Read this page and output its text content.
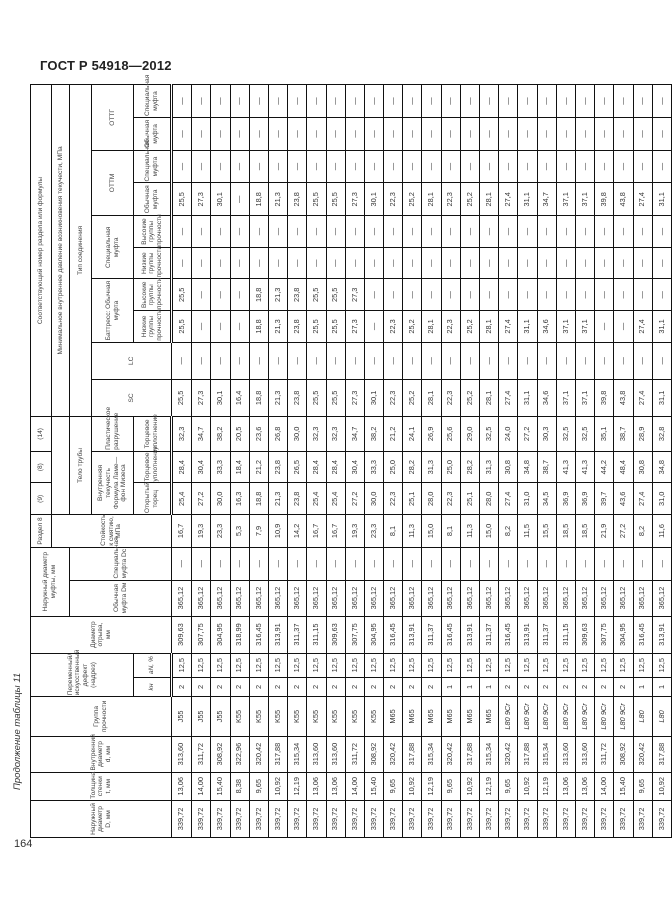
ГОСТ Р 54918—2012
Продолжение таблицы 11
164
Наружный диаметр D, мм	Толщина стенки t, мм	Внутренний диаметр d, мм	Группа прочности	Переменный/искусственный дефект (надрез)		Диаметр отрыва, мм	Наружный диаметр муфты, мм		Раздел 8	(9)	(8)	(14)	Соответствующий номер раздела или формулы									
									Стойкость к смятию, МПа				Минимальное внутреннее давление возникновения текучести, МПа									
							Обычная муфта Dм	Специальная муфта Dc		Тело трубы			Тип соединения									
										Внутренняя текучесть
Формула Ламе—фон Мизеса		Пластическое разрушение	SC	LC	Баттресс: Обычная муфта		Специальная муфта		ОТТМ		ОТТГ	
				kн	aN, %					Открытый торец	Торцевое уплотнение	Торцевое уплотнение			Низкие группы прочности	Высокие группы прочности	Низкие группы прочности	Высокие группы прочности	Обычная муфта	Специальная муфта	Обычная муфта	Специальная муфта
339,72	13,06	313,60	J55	2	12,5	309,63	365,12	—	16,7	25,4	28,4	32,3	25,5	—	25,5	25,5	—	—	25,5	—	—	—
339,72	14,00	311,72	J55	2	12,5	307,75	365,12	—	19,3	27,2	30,4	34,7	27,3	—	—	—	—	—	27,3	—	—	—
339,72	15,40	308,92	J55	2	12,5	304,95	365,12	—	23,3	30,0	33,3	38,2	30,1	—	—	—	—	—	30,1	—	—	—
339,72	8,38	322,96	K55	2	12,5	318,99	365,12	—	5,3	16,3	18,4	20,5	16,4	—	—	—	—	—	—	—	—	—
339,72	9,65	320,42	K55	2	12,5	316,45	365,12	—	7,9	18,8	21,2	23,6	18,8	—	18,8	18,8	—	—	18,8	—	—	—
339,72	10,92	317,88	K55	2	12,5	313,91	365,12	—	10,9	21,3	23,8	26,8	21,3	—	21,3	21,3	—	—	21,3	—	—	—
339,72	12,19	315,34	K55	2	12,5	311,37	365,12	—	14,2	23,8	26,5	30,0	23,8	—	23,8	23,8	—	—	23,8	—	—	—
339,72	13,06	313,60	K55	2	12,5	311,15	365,12	—	16,7	25,4	28,4	32,3	25,5	—	25,5	25,5	—	—	25,5	—	—	—
339,72	13,06	313,60	K55	2	12,5	309,63	365,12	—	16,7	25,4	28,4	32,3	25,5	—	25,5	25,5	—	—	25,5	—	—	—
339,72	14,00	311,72	K55	2	12,5	307,75	365,12	—	19,3	27,2	30,4	34,7	27,3	—	27,3	27,3	—	—	27,3	—	—	—
339,72	15,40	308,92	K55	2	12,5	304,95	365,12	—	23,3	30,0	33,3	38,2	30,1	—	—	—	—	—	30,1	—	—	—
339,72	9,65	320,42	M65	2	12,5	316,45	365,12	—	8,1	22,3	25,0	21,2	22,3	—	22,3	—	—	—	22,3	—	—	—
339,72	10,92	317,88	M65	2	12,5	313,91	365,12	—	11,3	25,1	28,2	24,1	25,2	—	25,2	—	—	—	25,2	—	—	—
339,72	12,19	315,34	M65	2	12,5	311,37	365,12	—	15,0	28,0	31,3	26,9	28,1	—	28,1	—	—	—	28,1	—	—	—
339,72	9,65	320,42	M65	1	12,5	316,45	365,12	—	8,1	22,3	25,0	25,6	22,3	—	22,3	—	—	—	22,3	—	—	—
339,72	10,92	317,88	M65	1	12,5	313,91	365,12	—	11,3	25,1	28,2	29,0	25,2	—	25,2	—	—	—	25,2	—	—	—
339,72	12,19	315,34	M65	1	12,5	311,37	365,12	—	15,0	28,0	31,3	32,5	28,1	—	28,1	—	—	—	28,1	—	—	—
339,72	9,65	320,42	L80 9Cr	2	12,5	316,45	365,12	—	8,2	27,4	30,8	24,0	27,4	—	27,4	—	—	—	27,4	—	—	—
339,72	10,92	317,88	L80 9Cr	2	12,5	313,91	365,12	—	11,5	31,0	34,8	27,2	31,1	—	31,1	—	—	—	31,1	—	—	—
339,72	12,19	315,34	L80 9Cr	2	12,5	311,37	365,12	—	15,5	34,5	38,7	30,3	34,6	—	34,6	—	—	—	34,7	—	—	—
339,72	13,06	313,60	L80 9Cr	2	12,5	311,15	365,12	—	18,5	36,9	41,3	32,5	37,1	—	37,1	—	—	—	37,1	—	—	—
339,72	13,06	313,60	L80 9Cr	2	12,5	309,63	365,12	—	18,5	36,9	41,3	32,5	37,1	—	37,1	—	—	—	37,1	—	—	—
339,72	14,00	311,72	L80 9Cr	2	12,5	307,75	365,12	—	21,9	39,7	44,2	35,1	39,8	—	—	—	—	—	39,8	—	—	—
339,72	15,40	308,92	L80 9Cr	2	12,5	304,95	365,12	—	27,2	43,6	48,4	38,7	43,8	—	—	—	—	—	43,8	—	—	—
339,72	9,65	320,42	L80	1	12,5	316,45	365,12	—	8,2	27,4	30,8	28,9	27,4	—	27,4	—	—	—	27,4	—	—	—
339,72	10,92	317,88	L80	1	12,5	313,91	365,12	—	11,6	31,0	34,8	32,8	31,1	—	31,1	—	—	—	31,1	—	—	—
